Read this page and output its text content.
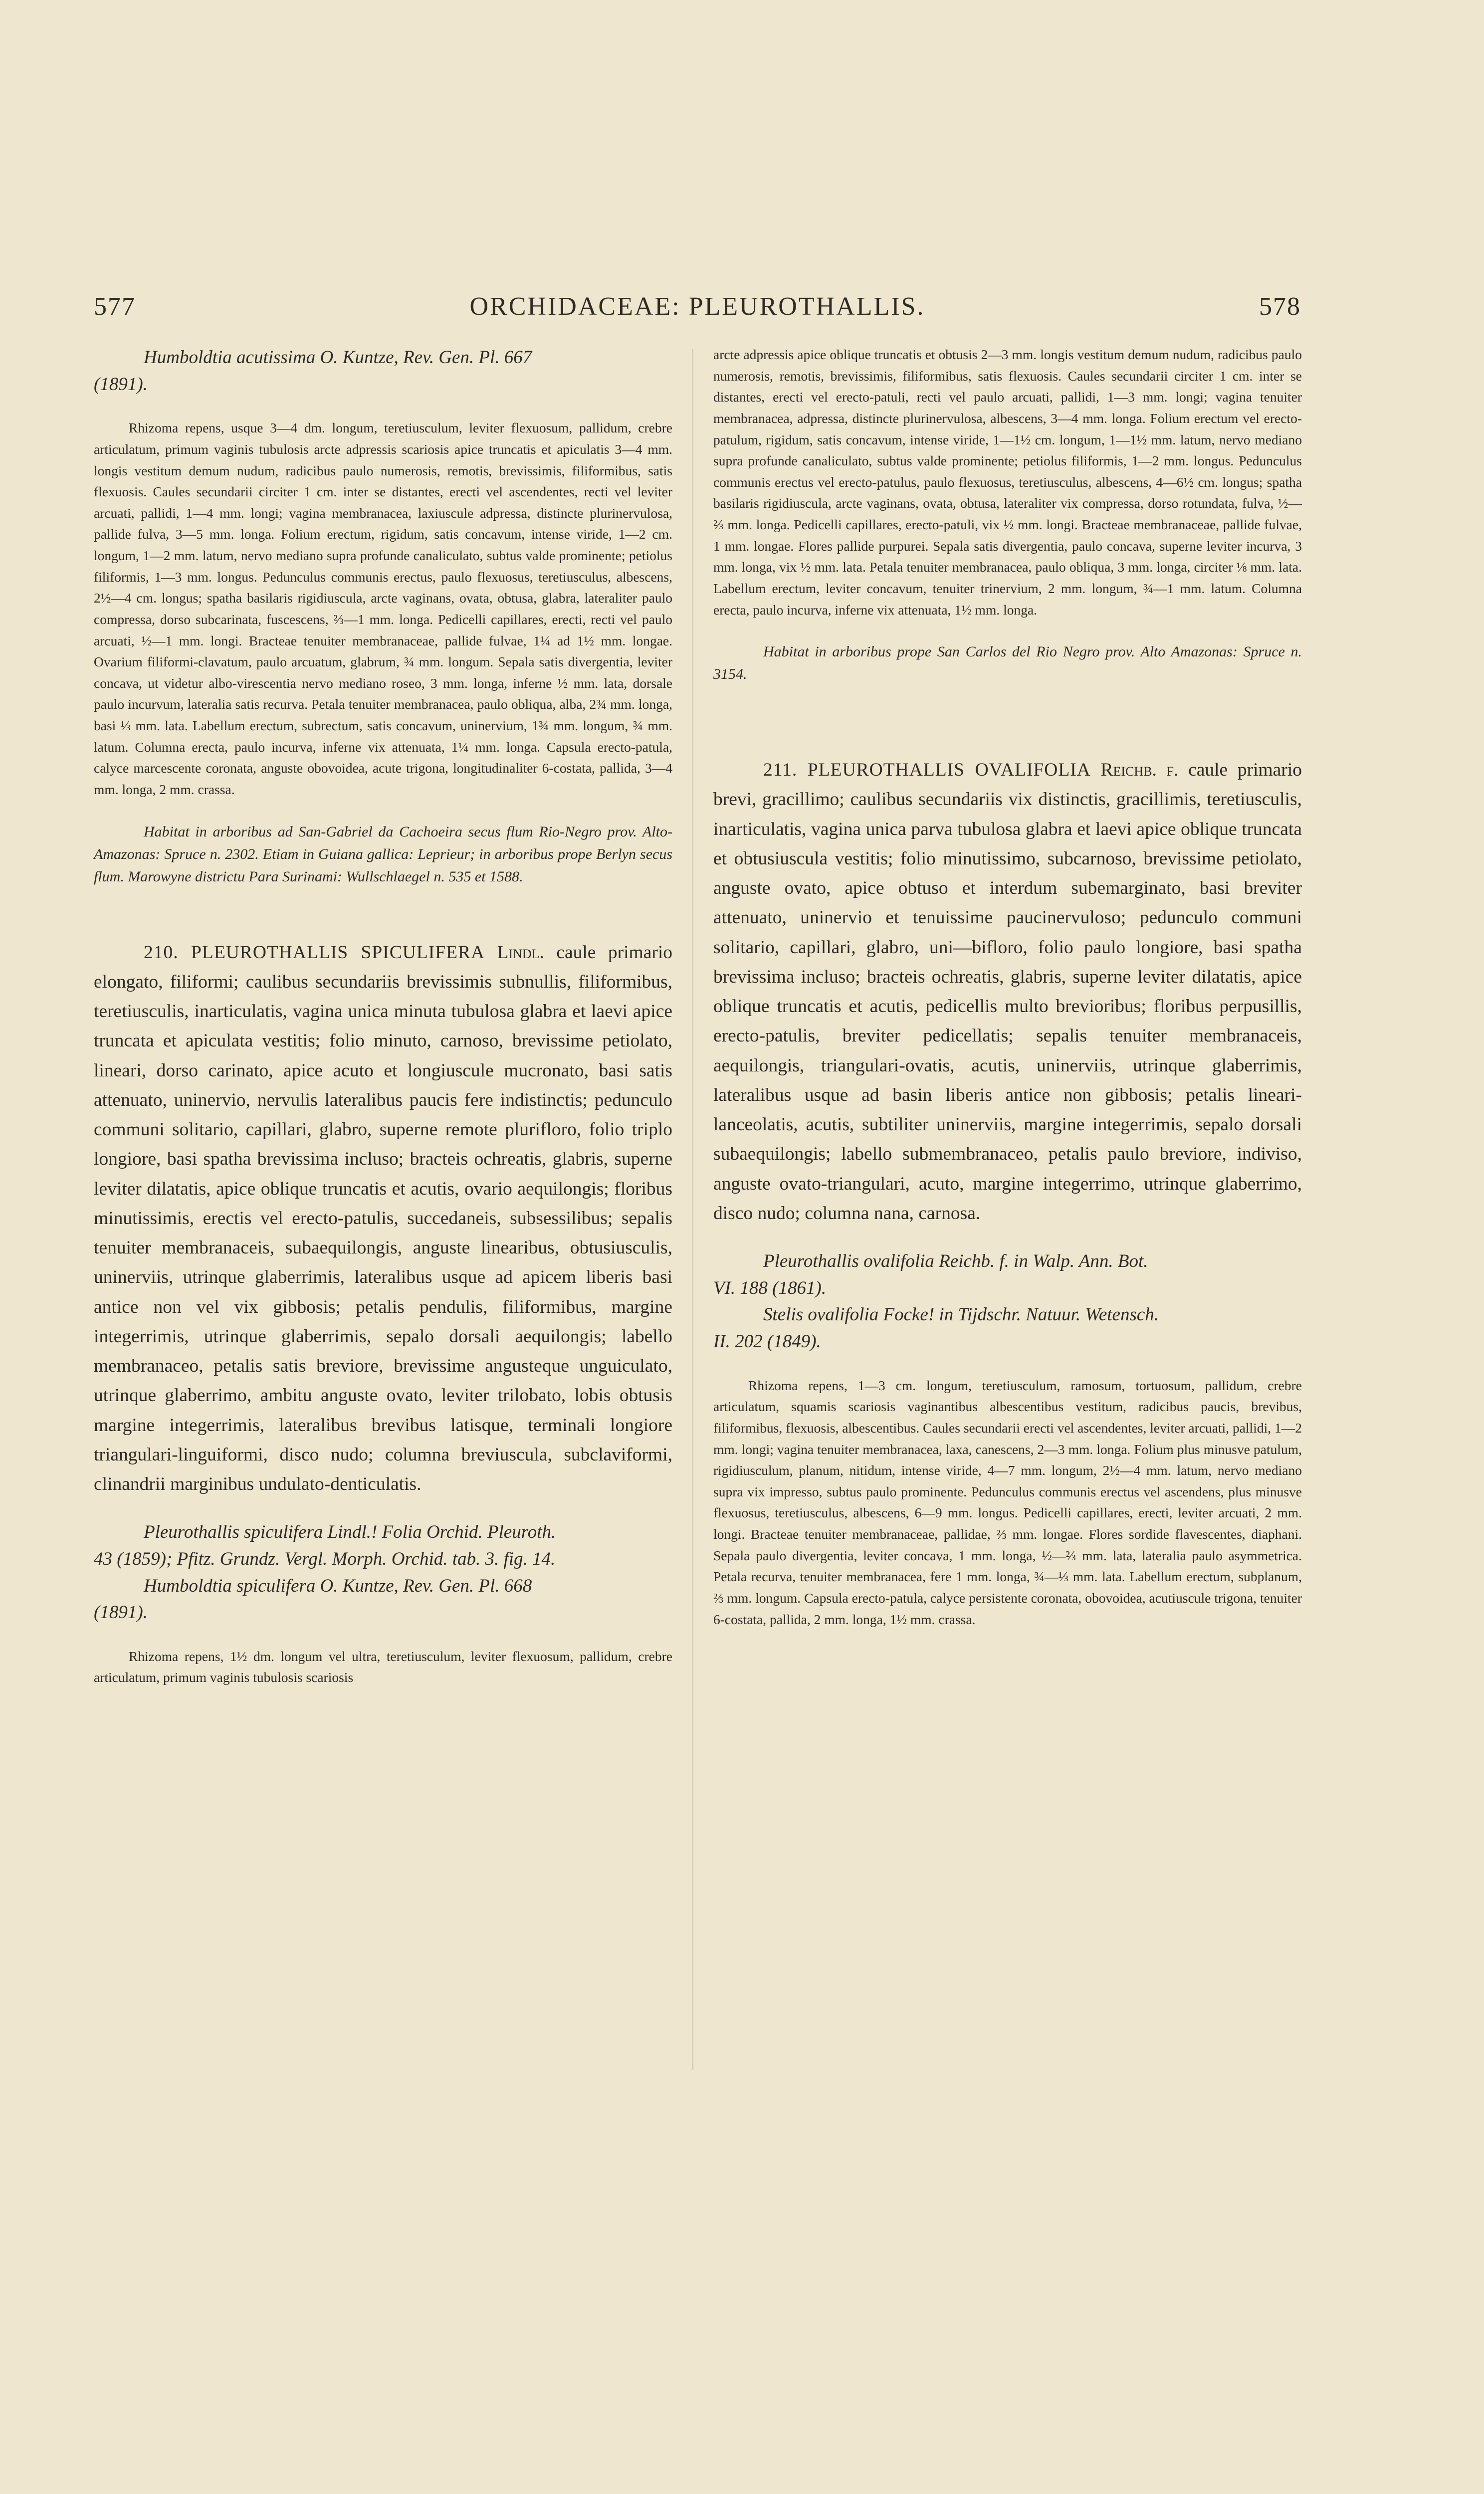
577	ORCHIDACEAE: PLEUROTHALLIS.	578

Humboldtia acutissima O. Kuntze, Rev. Gen. Pl. 667
(1891).

Rhizoma repens, usque 3—4 dm. longum, teretiusculum, leviter flexuosum, pallidum, crebre articulatum, primum vaginis tubulosis arcte adpressis scariosis apice truncatis et apiculatis 3—4 mm. longis vestitum demum nudum, radicibus paulo numerosis, remotis, brevissimis, filiformibus, satis flexuosis. Caules secundarii circiter 1 cm. inter se distantes, erecti vel ascendentes, recti vel leviter arcuati, pallidi, 1—4 mm. longi; vagina membranacea, laxiuscule adpressa, distincte plurinervulosa, pallide fulva, 3—5 mm. longa. Folium erectum, rigidum, satis concavum, intense viride, 1—2 cm. longum, 1—2 mm. latum, nervo mediano supra profunde canaliculato, subtus valde prominente; petiolus filiformis, 1—3 mm. longus. Pedunculus communis erectus, paulo flexuosus, teretiusculus, albescens, 2½—4 cm. longus; spatha basilaris rigidiuscula, arcte vaginans, ovata, obtusa, glabra, lateraliter paulo compressa, dorso subcarinata, fuscescens, ⅔—1 mm. longa. Pedicelli capillares, erecti, recti vel paulo arcuati, ½—1 mm. longi. Bracteae tenuiter membranaceae, pallide fulvae, 1¼ ad 1½ mm. longae. Ovarium filiformi-clavatum, paulo arcuatum, glabrum, ¾ mm. longum. Sepala satis divergentia, leviter concava, ut videtur albo-virescentia nervo mediano roseo, 3 mm. longa, inferne ½ mm. lata, dorsale paulo incurvum, lateralia satis recurva. Petala tenuiter membranacea, paulo obliqua, alba, 2¾ mm. longa, basi ⅓ mm. lata. Labellum erectum, subrectum, satis concavum, uninervium, 1¾ mm. longum, ¾ mm. latum. Columna erecta, paulo incurva, inferne vix attenuata, 1¼ mm. longa. Capsula erecto-patula, calyce marcescente coronata, anguste obovoidea, acute trigona, longitudinaliter 6-costata, pallida, 3—4 mm. longa, 2 mm. crassa.

Habitat in arboribus ad San-Gabriel da Cachoeira secus flum Rio-Negro prov. Alto-Amazonas: Spruce n. 2302. Etiam in Guiana gallica: Leprieur; in arboribus prope Berlyn secus flum. Marowyne districtu Para Surinami: Wullschlaegel n. 535 et 1588.

210. PLEUROTHALLIS SPICULIFERA Lindl. caule primario elongato, filiformi; caulibus secundariis brevissimis subnullis, filiformibus, teretiusculis, inarticulatis, vagina unica minuta tubulosa glabra et laevi apice truncata et apiculata vestitis; folio minuto, carnoso, brevissime petiolato, lineari, dorso carinato, apice acuto et longiuscule mucronato, basi satis attenuato, uninervio, nervulis lateralibus paucis fere indistinctis; pedunculo communi solitario, capillari, glabro, superne remote plurifloro, folio triplo longiore, basi spatha brevissima incluso; bracteis ochreatis, glabris, superne leviter dilatatis, apice oblique truncatis et acutis, ovario aequilongis; floribus minutissimis, erectis vel erecto-patulis, succedaneis, subsessilibus; sepalis tenuiter membranaceis, subaequilongis, anguste linearibus, obtusiusculis, uninerviis, utrinque glaberrimis, lateralibus usque ad apicem liberis basi antice non vel vix gibbosis; petalis pendulis, filiformibus, margine integerrimis, utrinque glaberrimis, sepalo dorsali aequilongis; labello membranaceo, petalis satis breviore, brevissime angusteque unguiculato, utrinque glaberrimo, ambitu anguste ovato, leviter trilobato, lobis obtusis margine integerrimis, lateralibus brevibus latisque, terminali longiore triangulari-linguiformi, disco nudo; columna breviuscula, subclaviformi, clinandrii marginibus undulato-denticulatis.

Pleurothallis spiculifera Lindl.! Folia Orchid. Pleuroth.
43 (1859); Pfitz. Grundz. Vergl. Morph. Orchid. tab. 3. fig. 14.
Humboldtia spiculifera O. Kuntze, Rev. Gen. Pl. 668
(1891).

Rhizoma repens, 1½ dm. longum vel ultra, teretiusculum, leviter flexuosum, pallidum, crebre articulatum, primum vaginis tubulosis scariosis

arcte adpressis apice oblique truncatis et obtusis 2—3 mm. longis vestitum demum nudum, radicibus paulo numerosis, remotis, brevissimis, filiformibus, satis flexuosis. Caules secundarii circiter 1 cm. inter se distantes, erecti vel erecto-patuli, recti vel paulo arcuati, pallidi, 1—3 mm. longi; vagina tenuiter membranacea, adpressa, distincte plurinervulosa, albescens, 3—4 mm. longa. Folium erectum vel erecto-patulum, rigidum, satis concavum, intense viride, 1—1½ cm. longum, 1—1½ mm. latum, nervo mediano supra profunde canaliculato, subtus valde prominente; petiolus filiformis, 1—2 mm. longus. Pedunculus communis erectus vel erecto-patulus, paulo flexuosus, teretiusculus, albescens, 4—6½ cm. longus; spatha basilaris rigidiuscula, arcte vaginans, ovata, obtusa, lateraliter vix compressa, dorso rotundata, fulva, ½—⅔ mm. longa. Pedicelli capillares, erecto-patuli, vix ½ mm. longi. Bracteae membranaceae, pallide fulvae, 1 mm. longae. Flores pallide purpurei. Sepala satis divergentia, paulo concava, superne leviter incurva, 3 mm. longa, vix ½ mm. lata. Petala tenuiter membranacea, paulo obliqua, 3 mm. longa, circiter ⅛ mm. lata. Labellum erectum, leviter concavum, tenuiter trinervium, 2 mm. longum, ¾—1 mm. latum. Columna erecta, paulo incurva, inferne vix attenuata, 1½ mm. longa.

Habitat in arboribus prope San Carlos del Rio Negro prov. Alto Amazonas: Spruce n. 3154.

211. PLEUROTHALLIS OVALIFOLIA Reichb. f. caule primario brevi, gracillimo; caulibus secundariis vix distinctis, gracillimis, teretiusculis, inarticulatis, vagina unica parva tubulosa glabra et laevi apice oblique truncata et obtusiuscula vestitis; folio minutissimo, subcarnoso, brevissime petiolato, anguste ovato, apice obtuso et interdum subemarginato, basi breviter attenuato, uninervio et tenuissime paucinervuloso; pedunculo communi solitario, capillari, glabro, uni—bifloro, folio paulo longiore, basi spatha brevissima incluso; bracteis ochreatis, glabris, superne leviter dilatatis, apice oblique truncatis et acutis, pedicellis multo brevioribus; floribus perpusillis, erecto-patulis, breviter pedicellatis; sepalis tenuiter membranaceis, aequilongis, triangulari-ovatis, acutis, uninerviis, utrinque glaberrimis, lateralibus usque ad basin liberis antice non gibbosis; petalis lineari-lanceolatis, acutis, subtiliter uninerviis, margine integerrimis, sepalo dorsali subaequilongis; labello submembranaceo, petalis paulo breviore, indiviso, anguste ovato-triangulari, acuto, margine integerrimo, utrinque glaberrimo, disco nudo; columna nana, carnosa.

Pleurothallis ovalifolia Reichb. f. in Walp. Ann. Bot.
VI. 188 (1861).
Stelis ovalifolia Focke! in Tijdschr. Natuur. Wetensch.
II. 202 (1849).

Rhizoma repens, 1—3 cm. longum, teretiusculum, ramosum, tortuosum, pallidum, crebre articulatum, squamis scariosis vaginantibus albescentibus vestitum, radicibus paucis, brevibus, filiformibus, flexuosis, albescentibus. Caules secundarii erecti vel ascendentes, leviter arcuati, pallidi, 1—2 mm. longi; vagina tenuiter membranacea, laxa, canescens, 2—3 mm. longa. Folium plus minusve patulum, rigidiusculum, planum, nitidum, intense viride, 4—7 mm. longum, 2½—4 mm. latum, nervo mediano supra vix impresso, subtus paulo prominente. Pedunculus communis erectus vel ascendens, plus minusve flexuosus, teretiusculus, albescens, 6—9 mm. longus. Pedicelli capillares, erecti, leviter arcuati, 2 mm. longi. Bracteae tenuiter membranaceae, pallidae, ⅔ mm. longae. Flores sordide flavescentes, diaphani. Sepala paulo divergentia, leviter concava, 1 mm. longa, ½—⅔ mm. lata, lateralia paulo asymmetrica. Petala recurva, tenuiter membranacea, fere 1 mm. longa, ¾—⅓ mm. lata. Labellum erectum, subplanum, ⅔ mm. longum. Capsula erecto-patula, calyce persistente coronata, obovoidea, acutiuscule trigona, tenuiter 6-costata, pallida, 2 mm. longa, 1½ mm. crassa.
